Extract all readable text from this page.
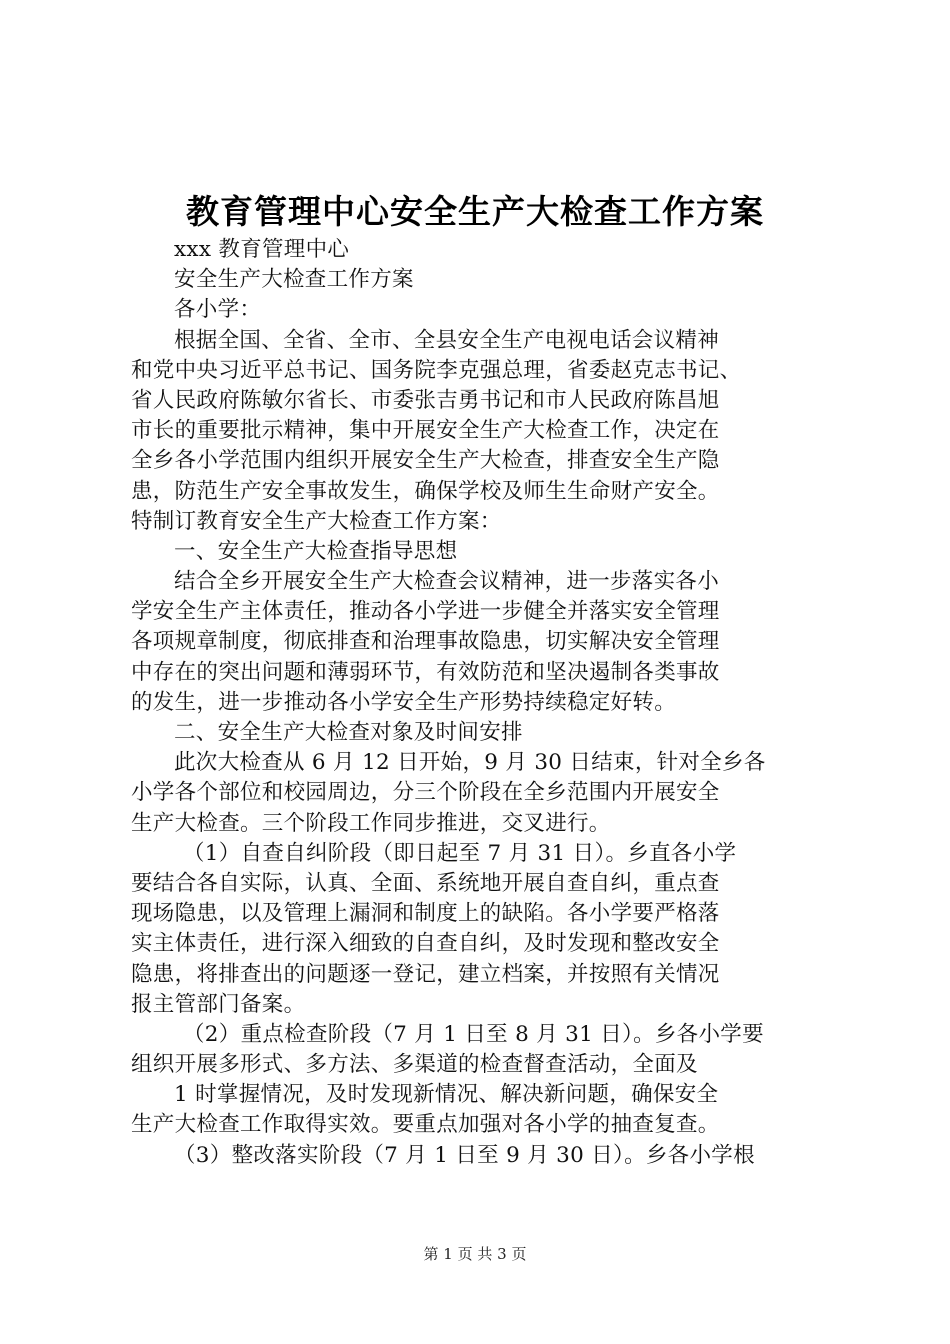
教育管理中心安全生产大检查工作方案
xxx 教育管理中心
安全生产大检查工作方案
各小学：
根据全国、全省、全市、全县安全生产电视电话会议精神
和党中央习近平总书记、国务院李克强总理，省委赵克志书记、
省人民政府陈敏尔省长、市委张吉勇书记和市人民政府陈昌旭
市长的重要批示精神，集中开展安全生产大检查工作，决定在
全乡各小学范围内组织开展安全生产大检查，排查安全生产隐
患，防范生产安全事故发生，确保学校及师生生命财产安全。
特制订教育安全生产大检查工作方案：
一、安全生产大检查指导思想
结合全乡开展安全生产大检查会议精神，进一步落实各小
学安全生产主体责任，推动各小学进一步健全并落实安全管理
各项规章制度，彻底排查和治理事故隐患，切实解决安全管理
中存在的突出问题和薄弱环节，有效防范和坚决遏制各类事故
的发生，进一步推动各小学安全生产形势持续稳定好转。
二、安全生产大检查对象及时间安排
此次大检查从 6 月 12 日开始，9 月 30 日结束，针对全乡各
小学各个部位和校园周边，分三个阶段在全乡范围内开展安全
生产大检查。三个阶段工作同步推进，交叉进行。
（1）自查自纠阶段（即日起至 7 月 31 日）。乡直各小学
要结合各自实际，认真、全面、系统地开展自查自纠，重点查
现场隐患，以及管理上漏洞和制度上的缺陷。各小学要严格落
实主体责任，进行深入细致的自查自纠，及时发现和整改安全
隐患，将排查出的问题逐一登记，建立档案，并按照有关情况
报主管部门备案。
（2）重点检查阶段（7 月 1 日至 8 月 31 日）。乡各小学要
组织开展多形式、多方法、多渠道的检查督查活动，全面及
1 时掌握情况，及时发现新情况、解决新问题，确保安全
生产大检查工作取得实效。要重点加强对各小学的抽查复查。
（3）整改落实阶段（7 月 1 日至 9 月 30 日）。乡各小学根
第 1 页 共 3 页
